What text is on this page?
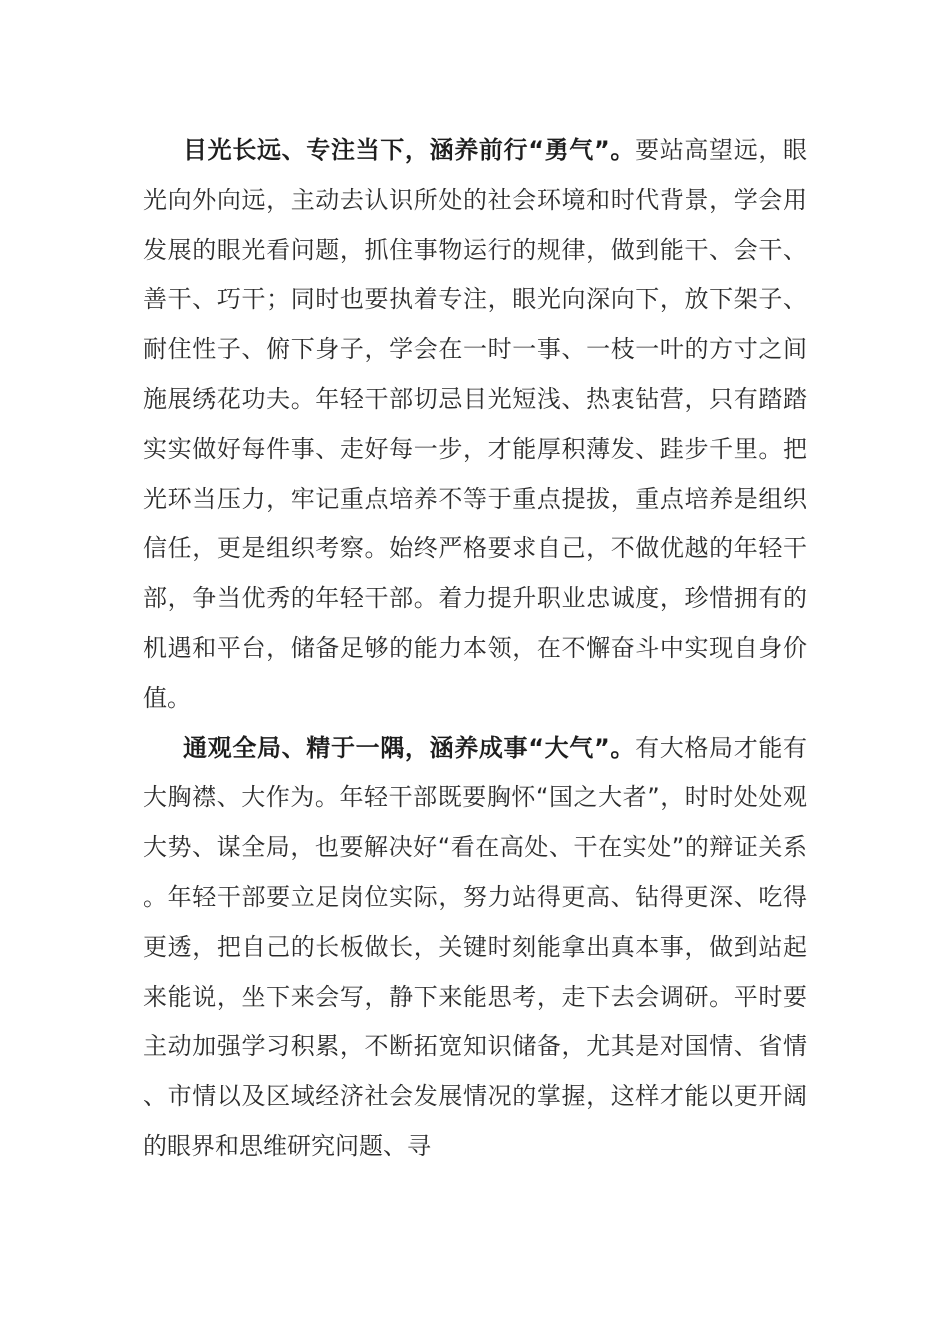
目光长远、专注当下，涵养前行“勇气”。要站高望远，眼光向外向远，主动去认识所处的社会环境和时代背景，学会用发展的眼光看问题，抓住事物运行的规律，做到能干、会干、善干、巧干；同时也要执着专注，眼光向深向下，放下架子、耐住性子、俯下身子，学会在一时一事、一枝一叶的方寸之间施展绣花功夫。年轻干部切忌目光短浅、热衷钻营，只有踏踏实实做好每件事、走好每一步，才能厚积薄发、跬步千里。把光环当压力，牢记重点培养不等于重点提拔，重点培养是组织信任，更是组织考察。始终严格要求自己，不做优越的年轻干部，争当优秀的年轻干部。着力提升职业忠诚度，珍惜拥有的机遇和平台，储备足够的能力本领，在不懈奋斗中实现自身价值。

通观全局、精于一隅，涵养成事“大气”。有大格局才能有大胸襟、大作为。年轻干部既要胸怀“国之大者”，时时处处观大势、谋全局，也要解决好“看在高处、干在实处”的辩证关系。年轻干部要立足岗位实际，努力站得更高、钻得更深、吃得更透，把自己的长板做长，关键时刻能拿出真本事，做到站起来能说，坐下来会写，静下来能思考，走下去会调研。平时要主动加强学习积累，不断拓宽知识储备，尤其是对国情、省情、市情以及区域经济社会发展情况的掌握，这样才能以更开阔的眼界和思维研究问题、寻
